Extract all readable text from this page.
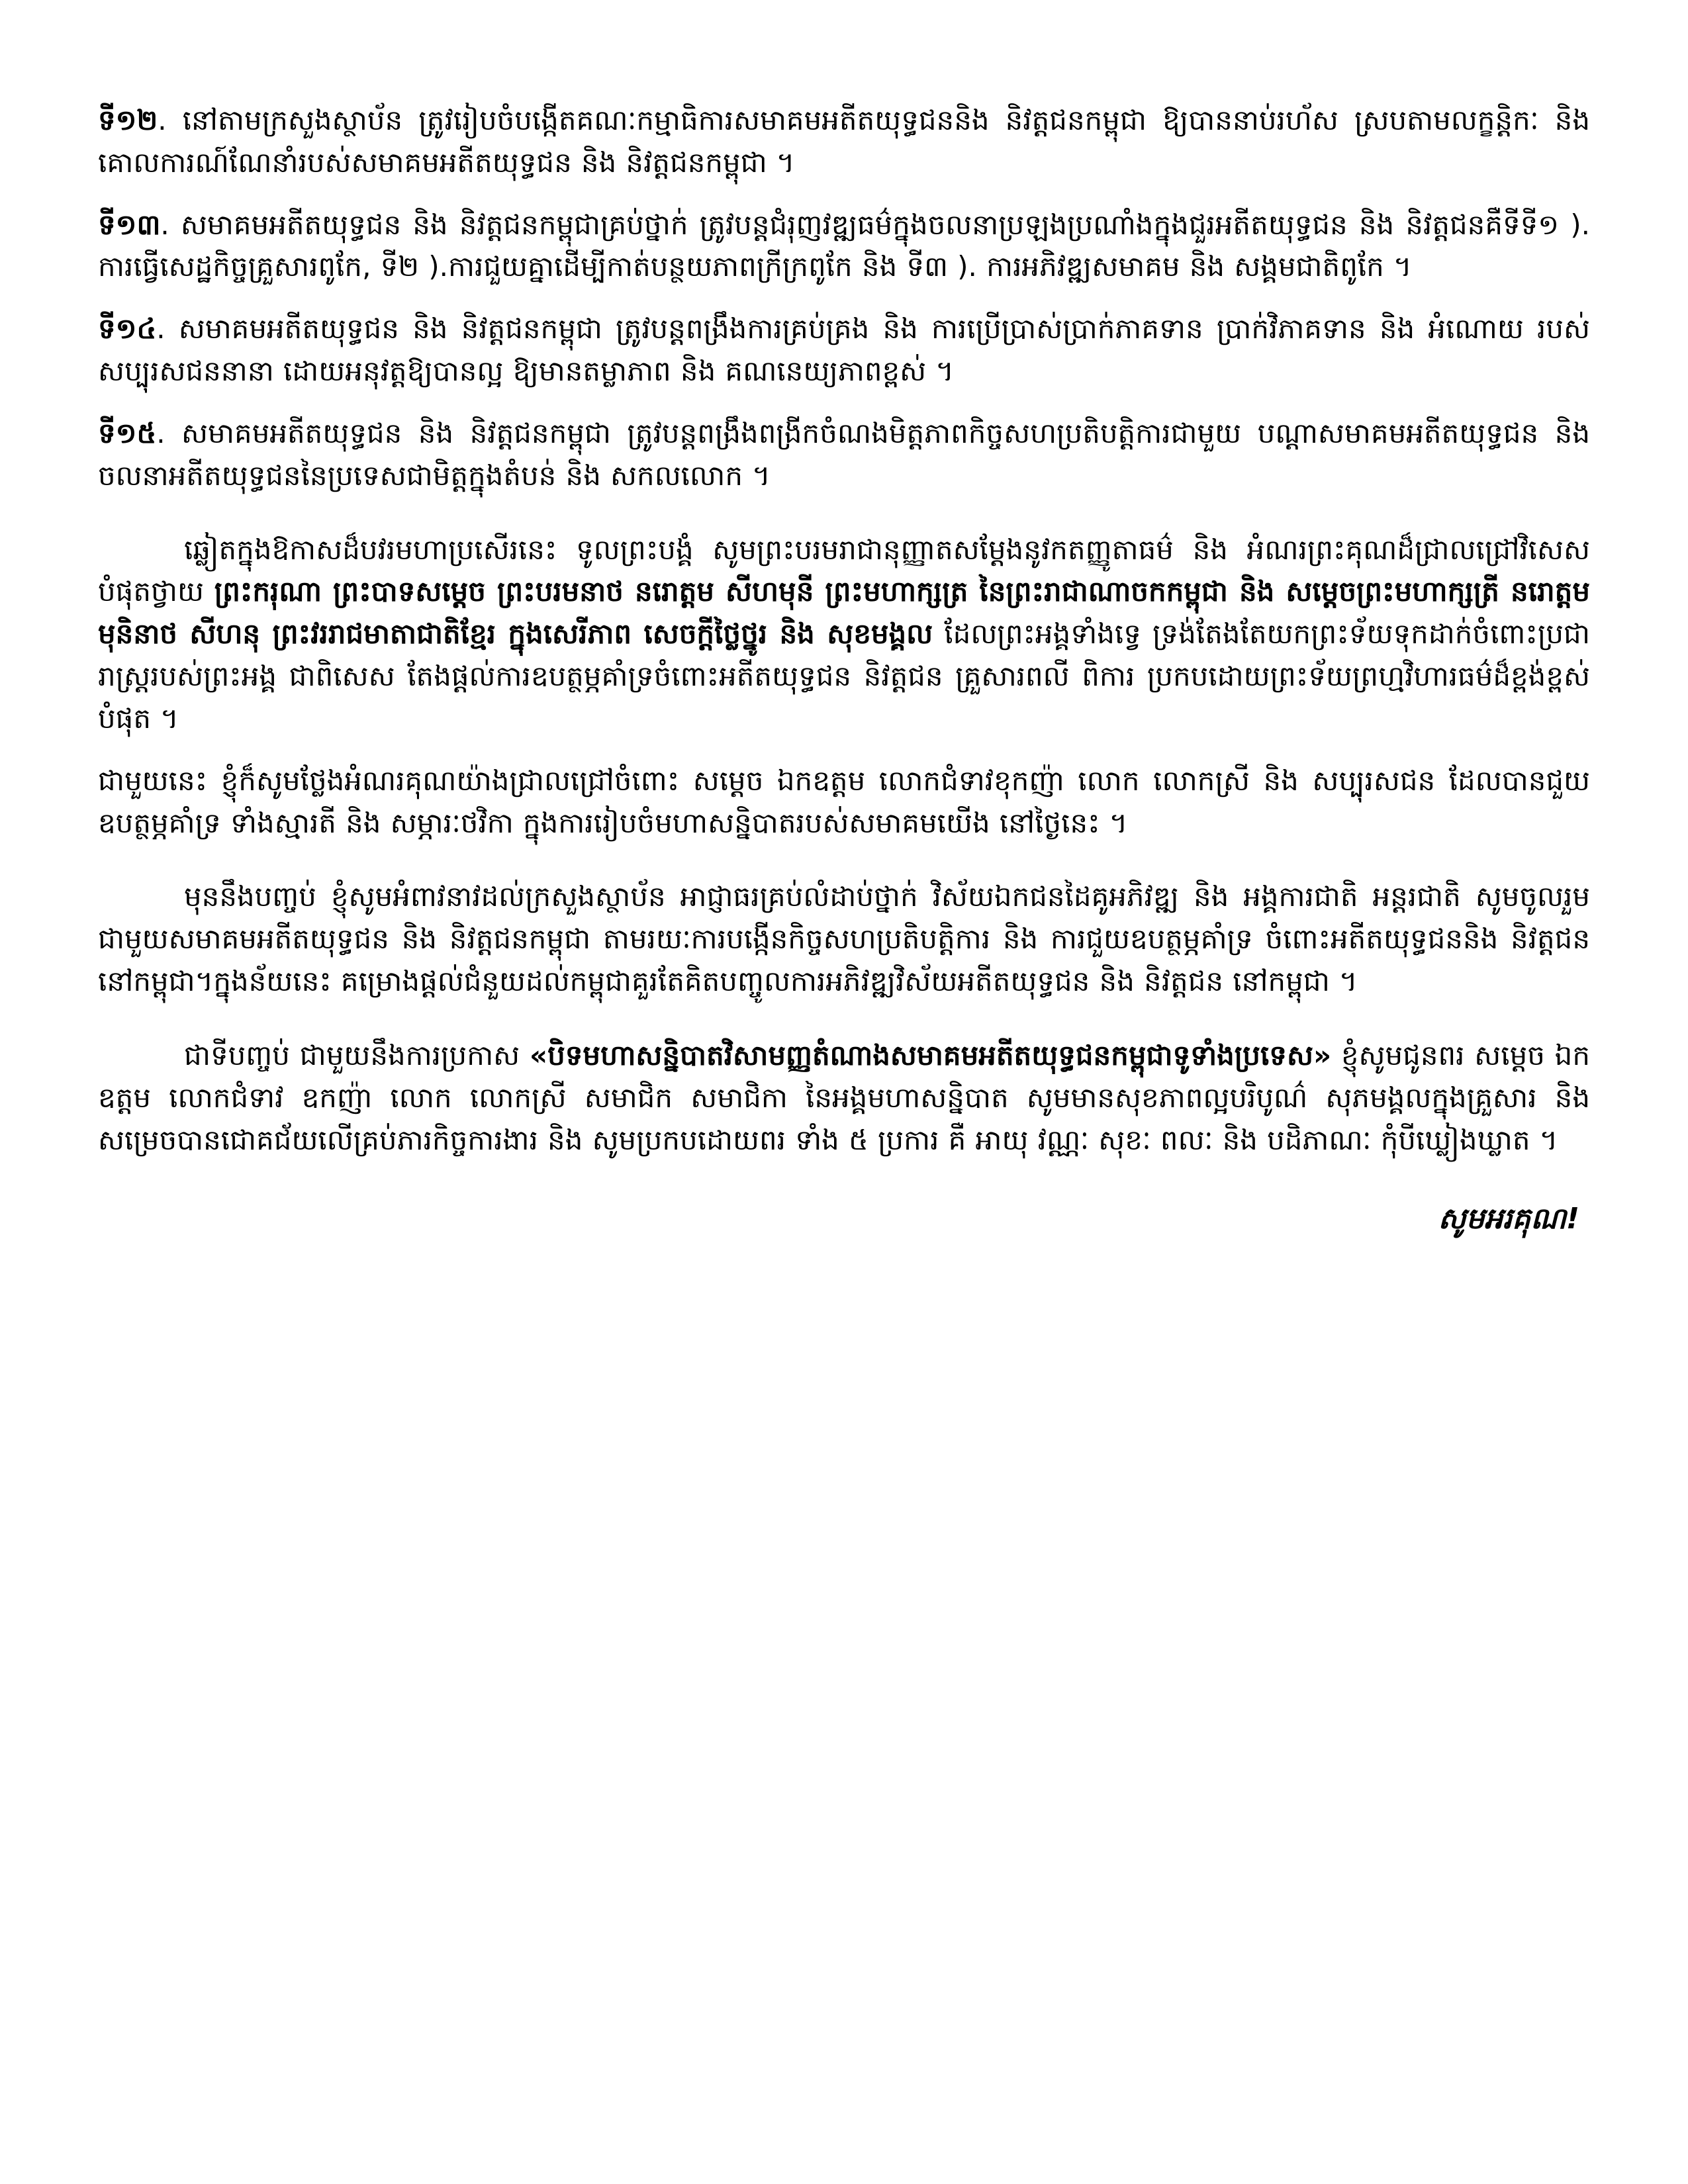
ទី១២. នៅតាមក្រសួងស្ថាប័ន ត្រូវរៀបចំបង្កើតគណៈកម្មាធិការសមាគមអតីតយុទ្ធជននិង និវត្តជនកម្ពុជា ឱ្យបាននាប់រហ័ស ស្របតាមលក្ខន្តិកៈ និង គោលការណ៍ណែនាំរបស់សមាគមអតីតយុទ្ធជន និង និវត្តជនកម្ពុជា ។

ទី១៣. សមាគមអតីតយុទ្ធជន និង និវត្តជនកម្ពុជាគ្រប់ថ្នាក់ ត្រូវបន្តជំរុញវឌ្ឍធម៌ក្នុងចលនាប្រឡងប្រណាំងក្នុងជួរអតីតយុទ្ធជន និង និវត្តជនគឺទីទី១ ). ការធ្វើសេដ្ឋកិច្ចគ្រួសារពូកែ, ទី២ ).ការជួយគ្នាដើម្បីកាត់បន្ថយភាពក្រីក្រពូកែ និង ទី៣ ). ការអភិវឌ្ឍសមាគម និង សង្គមជាតិពូកែ ។

ទី១៤. សមាគមអតីតយុទ្ធជន និង និវត្តជនកម្ពុជា ត្រូវបន្តពង្រឹងការគ្រប់គ្រង និង ការប្រើប្រាស់ប្រាក់ភាគទាន ប្រាក់វិភាគទាន និង អំណោយ របស់សប្បុរសជននានា ដោយអនុវត្តឱ្យបានល្អ ឱ្យមានតម្លាភាព និង គណនេយ្យភាពខ្ពស់ ។

ទី១៥. សមាគមអតីតយុទ្ធជន និង និវត្តជនកម្ពុជា ត្រូវបន្តពង្រឹងពង្រីកចំណងមិត្តភាពកិច្ចសហប្រតិបត្តិការជាមួយ បណ្ដាសមាគមអតីតយុទ្ធជន និង ចលនាអតីតយុទ្ធជននៃប្រទេសជាមិត្តក្នុងតំបន់ និង សកលលោក ។

ឆ្លៀតក្នុងឱកាសដ៏បវរមហាប្រសើរនេះ ទូលព្រះបង្គំ សូមព្រះបរមរាជានុញ្ញាតសម្ដែងនូវកតញ្ញូតាធម៌ និង អំណរព្រះគុណដ៏ជ្រាលជ្រៅវិសេសបំផុតថ្វាយ ព្រះករុណា ព្រះបាទសម្ដេច ព្រះបរមនាថ នរោត្តម សីហមុនី ព្រះមហាក្សត្រ នៃព្រះរាជាណាចកកម្ពុជា និង សម្ដេចព្រះមហាក្សត្រី នរោត្តម មុនិនាថ សីហនុ ព្រះវររាជមាតាជាតិខ្មែរ ក្នុងសេរីភាព សេចក្ដីថ្លៃថ្នូរ និង សុខមង្គល ដែលព្រះអង្គទាំងទ្វេ ទ្រង់តែងតែយកព្រះទ័យទុកដាក់ចំពោះប្រជារាស្ត្ររបស់ព្រះអង្គ ជាពិសេស តែងផ្ដល់ការឧបត្ថម្ភគាំទ្រចំពោះអតីតយុទ្ធជន និវត្តជន គ្រួសារពលី ពិការ ប្រកបដោយព្រះទ័យព្រហ្មវិហារធម៌ដ៏ខ្ពង់ខ្ពស់បំផុត ។

ជាមួយនេះ ខ្ញុំក៏សូមថ្លែងអំណរគុណយ៉ាងជ្រាលជ្រៅចំពោះ សម្ដេច ឯកឧត្តម លោកជំទាវខុកញ៉ា លោក លោកស្រី និង សប្បុរសជន ដែលបានជួយឧបត្ថម្ភគាំទ្រ ទាំងស្មារតី និង សម្ភារៈថវិកា ក្នុងការរៀបចំមហាសន្និបាតរបស់សមាគមយើង នៅថ្ងៃនេះ ។

មុននឹងបញ្ចប់ ខ្ញុំសូមអំពាវនាវដល់ក្រសួងស្ថាប័ន អាជ្ញាធរគ្រប់លំដាប់ថ្នាក់ វិស័យឯកជនដៃគូអភិវឌ្ឍ និង អង្គការជាតិ អន្តរជាតិ សូមចូលរួមជាមួយសមាគមអតីតយុទ្ធជន និង និវត្តជនកម្ពុជា តាមរយៈការបង្កើនកិច្ចសហប្រតិបត្តិការ និង ការជួយឧបត្ថម្ភគាំទ្រ ចំពោះអតីតយុទ្ធជននិង និវត្តជន នៅកម្ពុជា។ក្នុងន័យនេះ គម្រោងផ្ដល់ជំនួយដល់កម្ពុជាគួរតែគិតបញ្ចូលការអភិវឌ្ឍវិស័យអតីតយុទ្ធជន និង និវត្តជន នៅកម្ពុជា ។

ជាទីបញ្ចប់ ជាមួយនឹងការប្រកាស «បិទមហាសន្និបាតវិសាមញ្ញតំណាងសមាគមអតីតយុទ្ធជនកម្ពុជាទូទាំងប្រទេស» ខ្ញុំសូមជូនពរ សម្ដេច ឯកឧត្តម លោកជំទាវ ឧកញ៉ា លោក លោកស្រី សមាជិក សមាជិកា នៃអង្គមហាសន្និបាត សូមមានសុខភាពល្អបរិបូណ៌ សុភមង្គលក្នុងគ្រួសារ និង សម្រេចបានជោគជ័យលើគ្រប់ភារកិច្ចការងារ និង សូមប្រកបដោយពរ ទាំង ៥ ប្រការ គឺ អាយុ វណ្ណៈ សុខៈ ពលៈ និង បដិភាណៈ កុំបីឃ្លៀងឃ្លាត ។

សូមអរគុណ!
